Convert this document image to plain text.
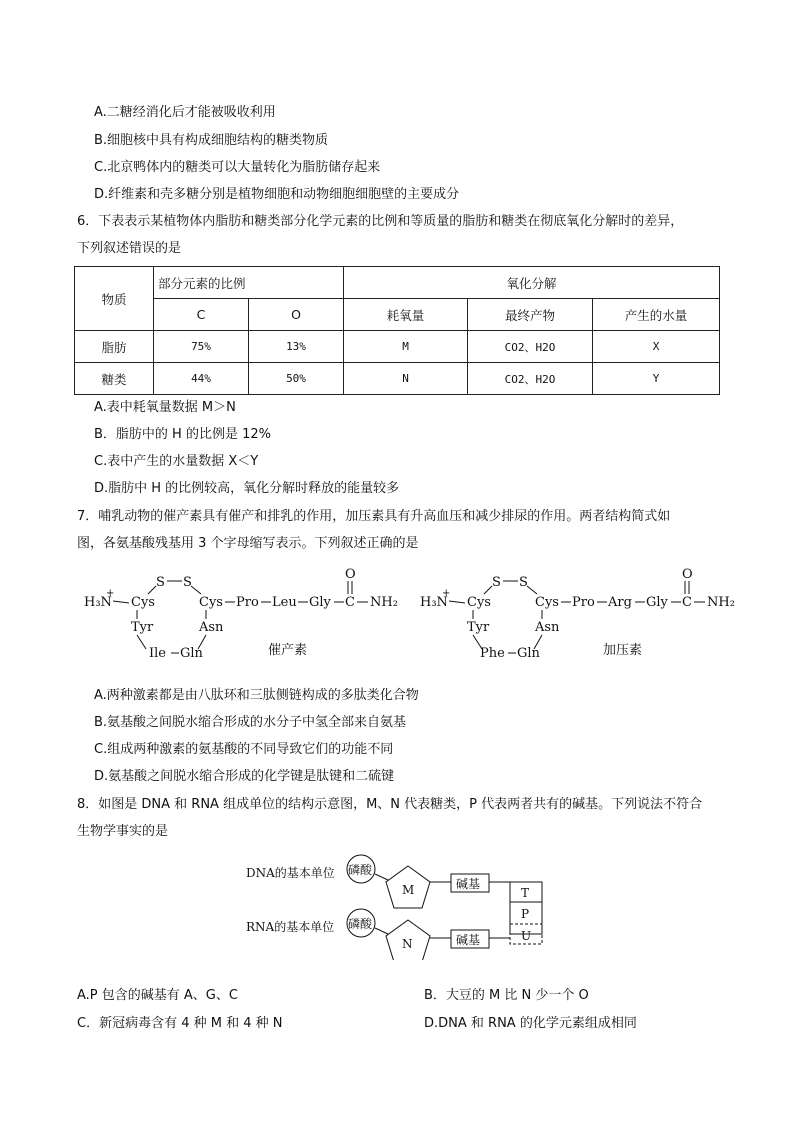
A.二糖经消化后才能被吸收利用
B.细胞核中具有构成细胞结构的糖类物质
C.北京鸭体内的糖类可以大量转化为脂肪储存起来
D.纤维素和壳多糖分别是植物细胞和动物细胞细胞壁的主要成分
6．下表表示某植物体内脂肪和糖类部分化学元素的比例和等质量的脂肪和糖类在彻底氧化分解时的差异，
下列叙述错误的是
物质	部分元素的比例		氧化分解		
	C	O	耗氧量	最终产物	产生的水量
脂肪	75%	13%	M	CO2、H2O	X
糖类	44%	50%	N	CO2、H2O	Y
A.表中耗氧量数据 M＞N
B．脂肪中的 H 的比例是 12%
C.表中产生的水量数据 X＜Y
D.脂肪中 H 的比例较高，氧化分解时释放的能量较多
7．哺乳动物的催产素具有催产和排乳的作用，加压素具有升高血压和减少排尿的作用。两者结构简式如
图，各氨基酸残基用 3 个字母缩写表示。下列叙述正确的是
H₃N
+
Cys
S S
Cys Pro Leu Gly C
O
NH₂
Tyr	Asn
Ile Gln	催产素
H₃N
+
Cys
S S
Cys Pro Arg Gly C
O
NH₂
Tyr	Asn
Phe Gln	加压素
A.两种激素都是由八肽环和三肽侧链构成的多肽类化合物
B.氨基酸之间脱水缩合形成的水分子中氢全部来自氨基
C.组成两种激素的氨基酸的不同导致它们的功能不同
D.氨基酸之间脱水缩合形成的化学键是肽键和二硫键
8．如图是 DNA 和 RNA 组成单位的结构示意图，M、N 代表糖类，P 代表两者共有的碱基。下列说法不符合
生物学事实的是
DNA的基本单位 磷酸
M	碱基
RNA的基本单位 磷酸
N	碱基
T
P
U
A.P 包含的碱基有 A、G、C	B．大豆的 M 比 N 少一个 O
C．新冠病毒含有 4 种 M 和 4 种 N	D.DNA 和 RNA 的化学元素组成相同
